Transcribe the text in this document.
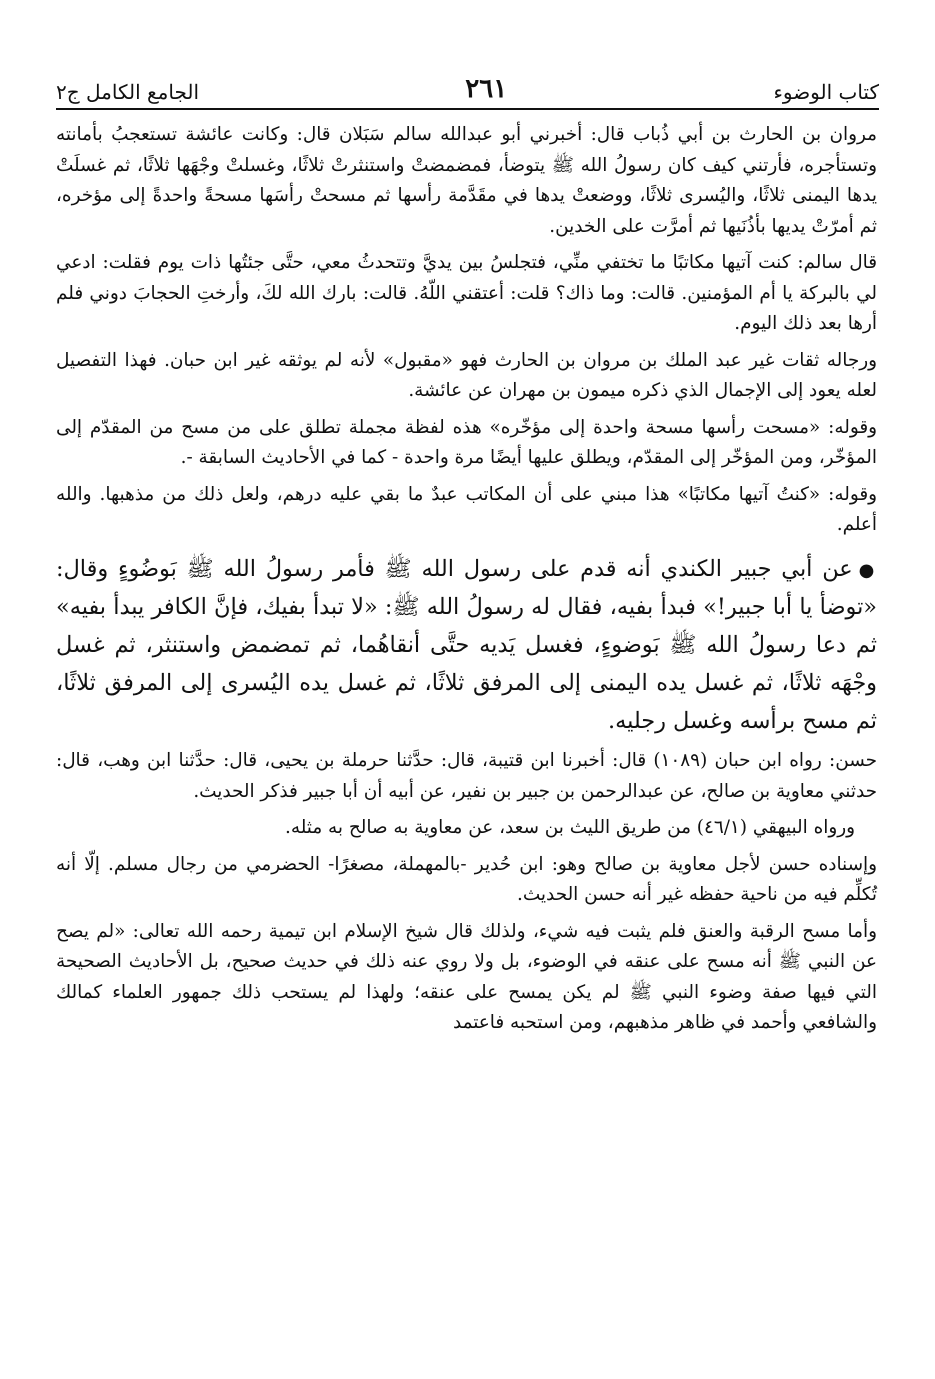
كتاب الوضوء
٢٦١
الجامع الكامل ج٢

مروان بن الحارث بن أبي ذُباب قال: أخبرني أبو عبدالله سالم سَبَلان قال: وكانت عائشة تستعجبُ بأمانته وتستأجره، فأرتني كيف كان رسولُ الله ﷺ يتوضأ، فمضمضتْ واستنثرتْ ثلاثًا، وغسلتْ وجْهَها ثلاثًا، ثم غسلَتْ يدها اليمنى ثلاثًا، واليُسرى ثلاثًا، ووضعتْ يدها في مقَدَّمة رأسها ثم مسحتْ رأسَها مسحةً واحدةً إلى مؤخره، ثم أمرّتْ يديها بأذُنَيها ثم أمرَّت على الخدين.

قال سالم: كنت آتيها مكاتبًا ما تختفي منِّي، فتجلسُ بين يديَّ وتتحدثُ معي، حتَّى جئتُها ذات يوم فقلت: ادعي لي بالبركة يا أم المؤمنين. قالت: وما ذاك؟ قلت: أعتقني اللّهُ. قالت: بارك الله لكَ، وأرختِ الحجابَ دوني فلم أرها بعد ذلك اليوم.

ورجاله ثقات غير عبد الملك بن مروان بن الحارث فهو «مقبول» لأنه لم يوثقه غير ابن حبان. فهذا التفصيل لعله يعود إلى الإجمال الذي ذكره ميمون بن مهران عن عائشة.

وقوله: «مسحت رأسها مسحة واحدة إلى مؤخّره» هذه لفظة مجملة تطلق على من مسح من المقدّم إلى المؤخّر، ومن المؤخّر إلى المقدّم، ويطلق عليها أيضًا مرة واحدة - كما في الأحاديث السابقة -.

وقوله: «كنتُ آتيها مكاتبًا» هذا مبني على أن المكاتب عبدٌ ما بقي عليه درهم، ولعل ذلك من مذهبها. والله أعلم.

●عن أبي جبير الكندي أنه قدم على رسول الله ﷺ فأمر رسولُ الله ﷺ بَوضُوءٍ وقال: «توضأ يا أبا جبير!» فبدأ بفيه، فقال له رسولُ الله ﷺ: «لا تبدأ بفيك، فإنَّ الكافر يبدأ بفيه» ثم دعا رسولُ الله ﷺ بَوضوءٍ، فغسل يَديه حتَّى أنقاهُما، ثم تمضمض واستنثر، ثم غسل وجْهَه ثلاثًا، ثم غسل يده اليمنى إلى المرفق ثلاثًا، ثم غسل يده اليُسرى إلى المرفق ثلاثًا، ثم مسح برأسه وغسل رجليه.

حسن: رواه ابن حبان (١٠٨٩) قال: أخبرنا ابن قتيبة، قال: حدَّثنا حرملة بن يحيى، قال: حدَّثنا ابن وهب، قال: حدثني معاوية بن صالح، عن عبدالرحمن بن جبير بن نفير، عن أبيه أن أبا جبير فذكر الحديث.

ورواه البيهقي (٤٦/١) من طريق الليث بن سعد، عن معاوية به صالح به مثله.

وإسناده حسن لأجل معاوية بن صالح وهو: ابن حُدير -بالمهملة، مصغرًا- الحضرمي من رجال مسلم. إلّا أنه تُكلِّم فيه من ناحية حفظه غير أنه حسن الحديث.

وأما مسح الرقبة والعنق فلم يثبت فيه شيء، ولذلك قال شيخ الإسلام ابن تيمية رحمه الله تعالى: «لم يصح عن النبي ﷺ أنه مسح على عنقه في الوضوء، بل ولا روي عنه ذلك في حديث صحيح، بل الأحاديث الصحيحة التي فيها صفة وضوء النبي ﷺ لم يكن يمسح على عنقه؛ ولهذا لم يستحب ذلك جمهور العلماء كمالك والشافعي وأحمد في ظاهر مذهبهم، ومن استحبه فاعتمد
